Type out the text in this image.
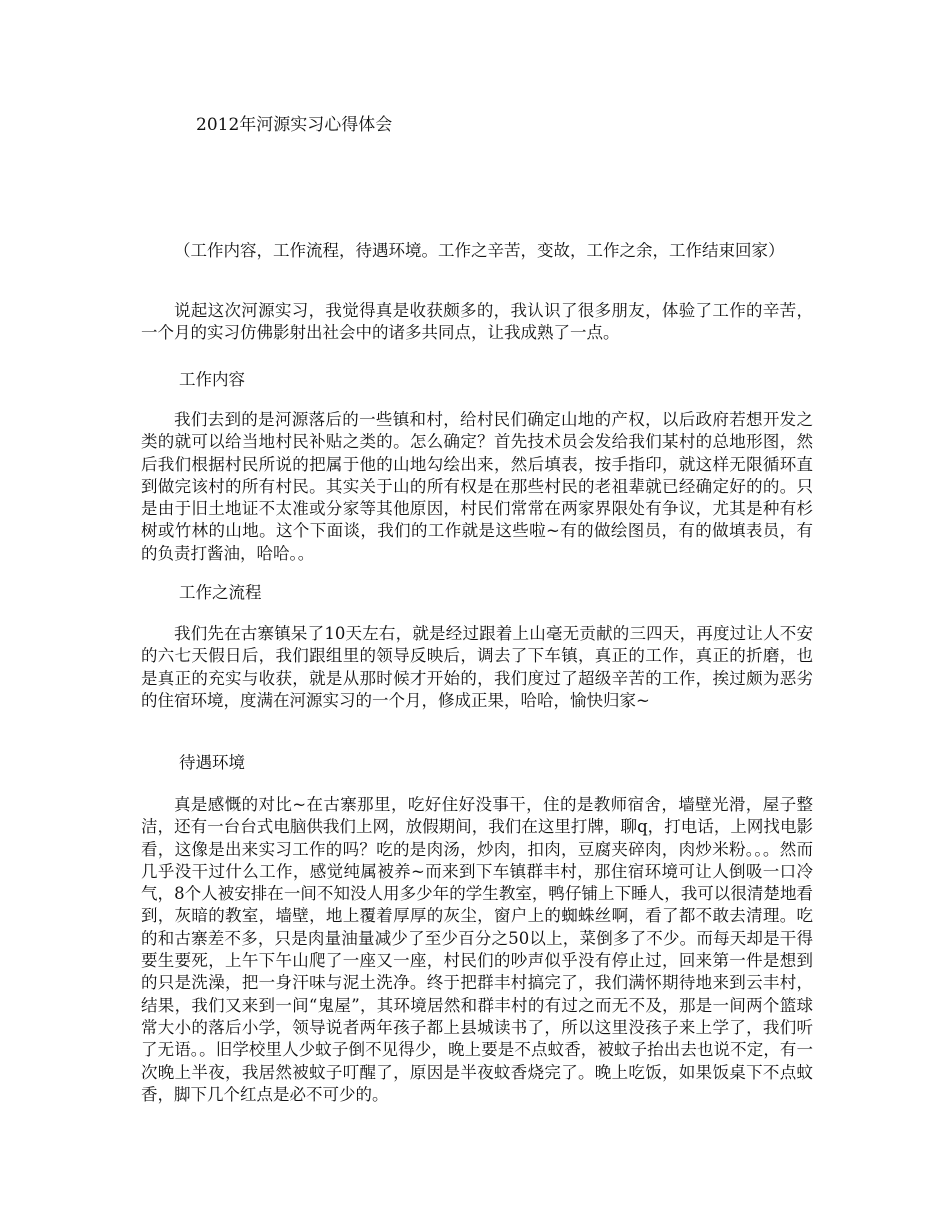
2012年河源实习心得体会

（工作内容，工作流程，待遇环境。工作之辛苦，变故，工作之余，工作结束回家）

说起这次河源实习，我觉得真是收获颇多的，我认识了很多朋友，体验了工作的辛苦，一个月的实习仿佛影射出社会中的诸多共同点，让我成熟了一点。

工作内容

我们去到的是河源落后的一些镇和村，给村民们确定山地的产权，以后政府若想开发之类的就可以给当地村民补贴之类的。怎么确定？首先技术员会发给我们某村的总地形图，然后我们根据村民所说的把属于他的山地勾绘出来，然后填表，按手指印，就这样无限循环直到做完该村的所有村民。其实关于山的所有权是在那些村民的老祖辈就已经确定好的的。只是由于旧土地证不太准或分家等其他原因，村民们常常在两家界限处有争议，尤其是种有杉树或竹林的山地。这个下面谈，我们的工作就是这些啦~有的做绘图员，有的做填表员，有的负责打酱油，哈哈。。

工作之流程

我们先在古寨镇呆了10天左右，就是经过跟着上山毫无贡献的三四天，再度过让人不安的六七天假日后，我们跟组里的领导反映后，调去了下车镇，真正的工作，真正的折磨，也是真正的充实与收获，就是从那时候才开始的，我们度过了超级辛苦的工作，挨过颇为恶劣的住宿环境，度满在河源实习的一个月，修成正果，哈哈，愉快归家~

待遇环境

真是感慨的对比~在古寨那里，吃好住好没事干，住的是教师宿舍，墙壁光滑，屋子整洁，还有一台台式电脑供我们上网，放假期间，我们在这里打牌，聊q，打电话，上网找电影看，这像是出来实习工作的吗？吃的是肉汤，炒肉，扣肉，豆腐夹碎肉，肉炒米粉。。。然而几乎没干过什么工作，感觉纯属被养~而来到下车镇群丰村，那住宿环境可让人倒吸一口冷气，8个人被安排在一间不知没人用多少年的学生教室，鸭仔铺上下睡人，我可以很清楚地看到，灰暗的教室，墙壁，地上覆着厚厚的灰尘，窗户上的蜘蛛丝啊，看了都不敢去清理。吃的和古寨差不多，只是肉量油量减少了至少百分之50以上，菜倒多了不少。而每天却是干得要生要死，上午下午山爬了一座又一座，村民们的吵声似乎没有停止过，回来第一件是想到的只是洗澡，把一身汗味与泥土洗净。终于把群丰村搞完了，我们满怀期待地来到云丰村，结果，我们又来到一间“鬼屋”，其环境居然和群丰村的有过之而无不及，那是一间两个篮球常大小的落后小学，领导说者两年孩子都上县城读书了，所以这里没孩子来上学了，我们听了无语。。旧学校里人少蚊子倒不见得少，晚上要是不点蚊香，被蚊子抬出去也说不定，有一次晚上半夜，我居然被蚊子叮醒了，原因是半夜蚊香烧完了。晚上吃饭，如果饭桌下不点蚊香，脚下几个红点是必不可少的。
